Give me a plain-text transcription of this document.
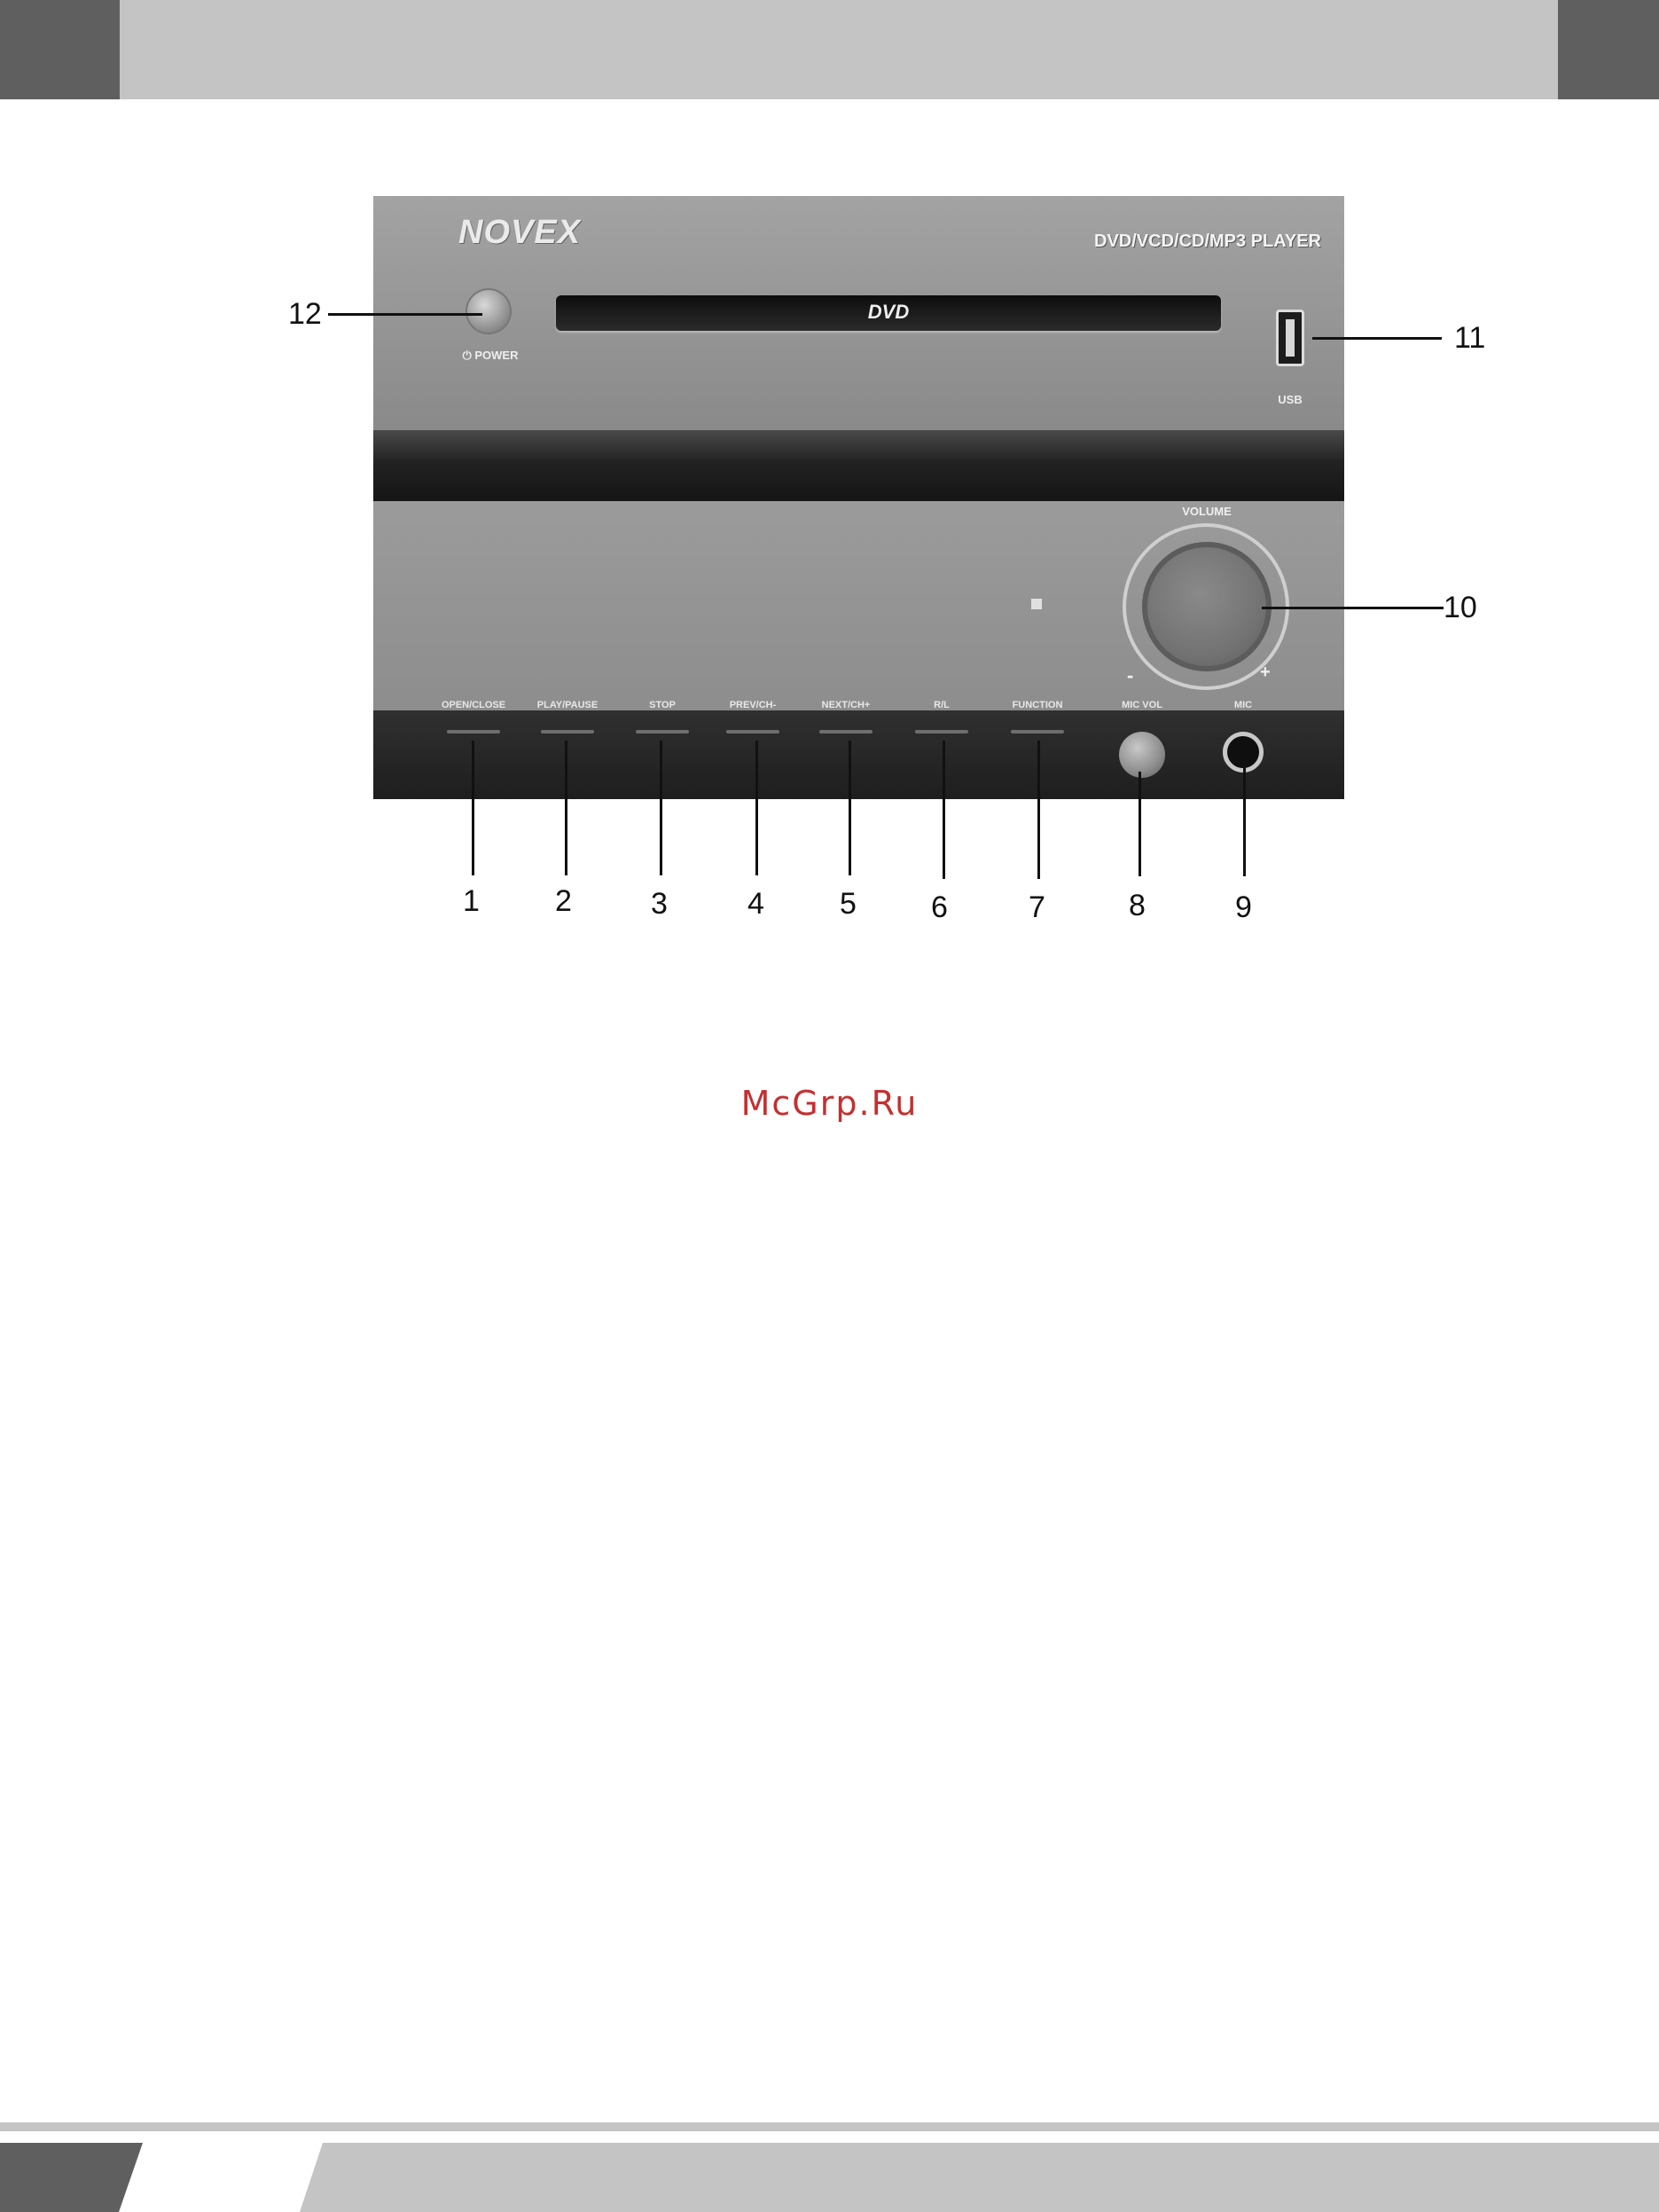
NOVEX	DVD/VCD/CD/MP3 PLAYER
DVD
⏻ POWER
USB
VOLUME
-	+
OPEN/CLOSE	PLAY/PAUSE	STOP	PREV/CH-	NEXT/CH+	R/L	FUNCTION	MIC VOL	MIC
1	2	3	4	5 6	7	8	9
10
11
12
McGrp.Ru
